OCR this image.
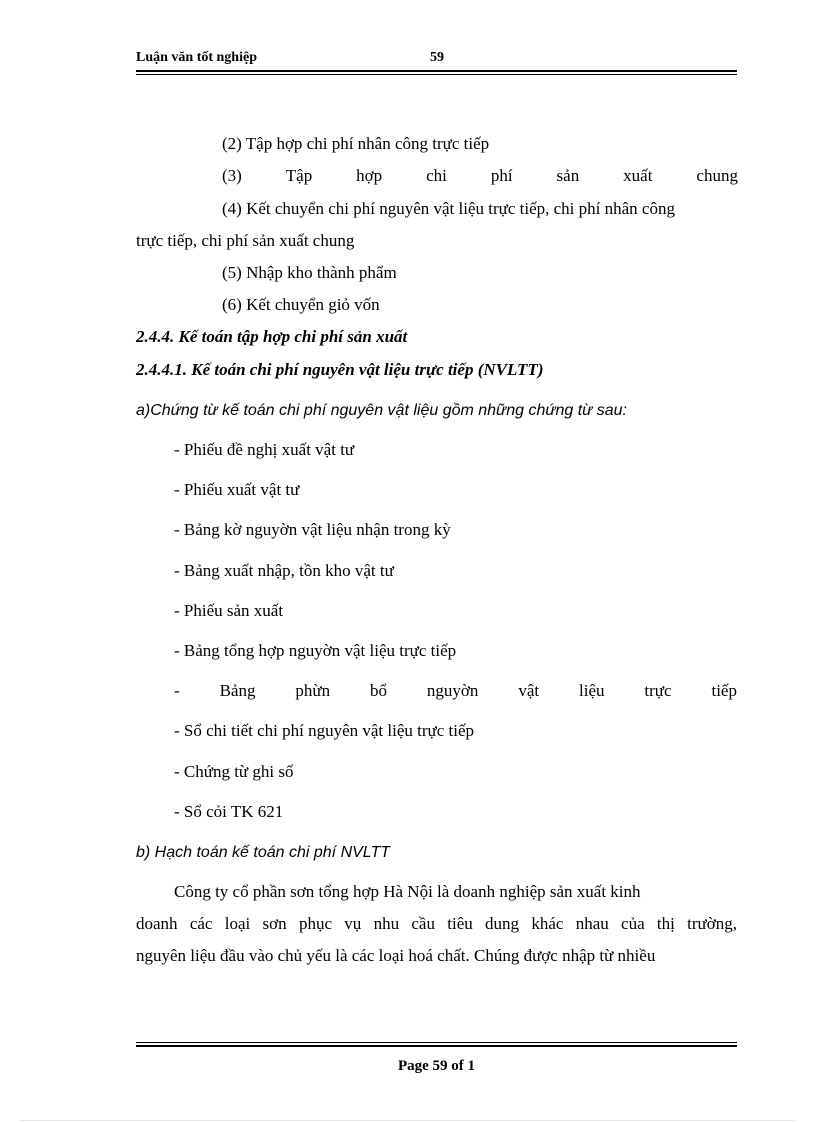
Luận văn tốt nghiệp	59
(2) Tập hợp chi phí nhân công trực tiếp
(3)	Tập	hợp	chi	phí	sản	xuất	chung
(4) Kết chuyển chi phí nguyên vật liệu trực tiếp, chi phí nhân công
trực tiếp, chi phí sản xuất chung
(5) Nhập kho thành phẩm
(6) Kết chuyển giỏ vốn
2.4.4. Kế toán tập hợp chi phí sản xuất
2.4.4.1. Kế toán chi phí nguyên vật liệu trực tiếp (NVLTT)
a)Chứng từ kế toán chi phí nguyên vật liệu gồm những chứng từ sau:
- Phiếu đề nghị xuất vật tư
- Phiếu xuất vật tư
- Bảng kờ nguyờn vật liệu nhận trong kỳ
- Bảng xuất nhập, tồn kho vật tư
- Phiếu sản xuất
- Bảng tổng hợp nguyờn vật liệu trực tiếp
- Bảng phừn bổ nguyờn vật liệu trực tiếp
- Sổ chi tiết chi phí nguyên vật liệu trực tiếp
- Chứng từ ghi sổ
- Sổ cỏi TK 621
b) Hạch toán kế toán chi phí NVLTT
Công ty cổ phần sơn tổng hợp Hà Nội là doanh nghiệp sản xuất kinh
doanh các loại sơn phục vụ nhu cầu tiêu dung khác nhau của thị trường,
nguyên liệu đầu vào chủ yếu là các loại hoá chất. Chúng được nhập từ nhiều
Page 59 of 1
